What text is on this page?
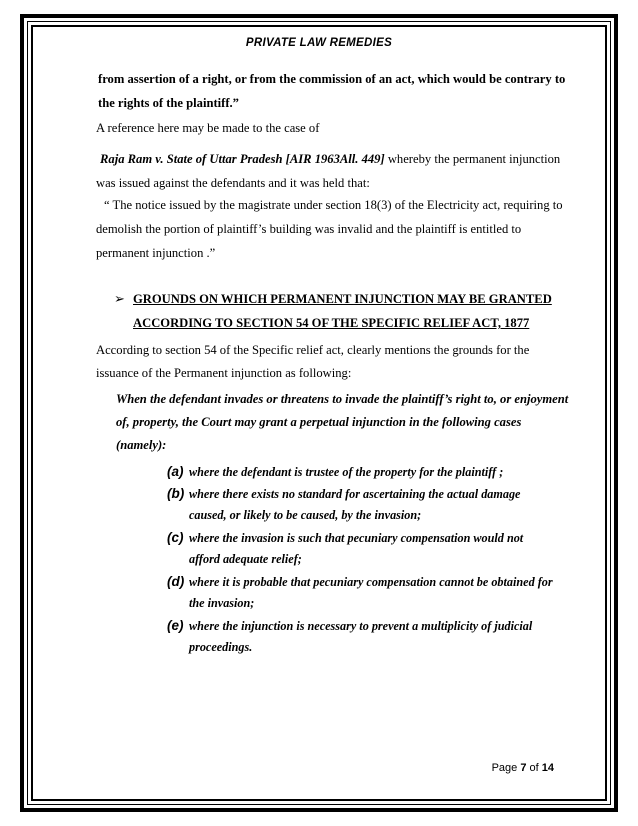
PRIVATE LAW REMEDIES
from assertion of a right, or from the commission of an act, which would be contrary to
the rights of the plaintiff.”
A reference here may be made to the case of
Raja Ram v. State of Uttar Pradesh [AIR 1963All. 449] whereby the permanent injunction
was issued against the defendants and it was held that:
“ The notice issued by the magistrate under section 18(3) of the Electricity act, requiring to
demolish the portion of plaintiff’s building was invalid and the plaintiff is entitled to
permanent injunction .”
➢ GROUNDS ON WHICH PERMANENT INJUNCTION MAY BE GRANTED
ACCORDING TO SECTION 54 OF THE SPECIFIC RELIEF ACT, 1877
According to section 54 of the Specific relief act, clearly mentions the grounds for the
issuance of the Permanent injunction as following:
When the defendant invades or threatens to invade the plaintiff’s right to, or enjoyment
of, property, the Court may grant a perpetual injunction in the following cases
(namely):
(a) where the defendant is trustee of the property for the plaintiff ;
(b) where there exists no standard for ascertaining the actual damage
caused, or likely to be caused, by the invasion;
(c) where the invasion is such that pecuniary compensation would not
afford adequate relief;
(d) where it is probable that pecuniary compensation cannot be obtained for
the invasion;
(e) where the injunction is necessary to prevent a multiplicity of judicial
proceedings.
Page 7 of 14
